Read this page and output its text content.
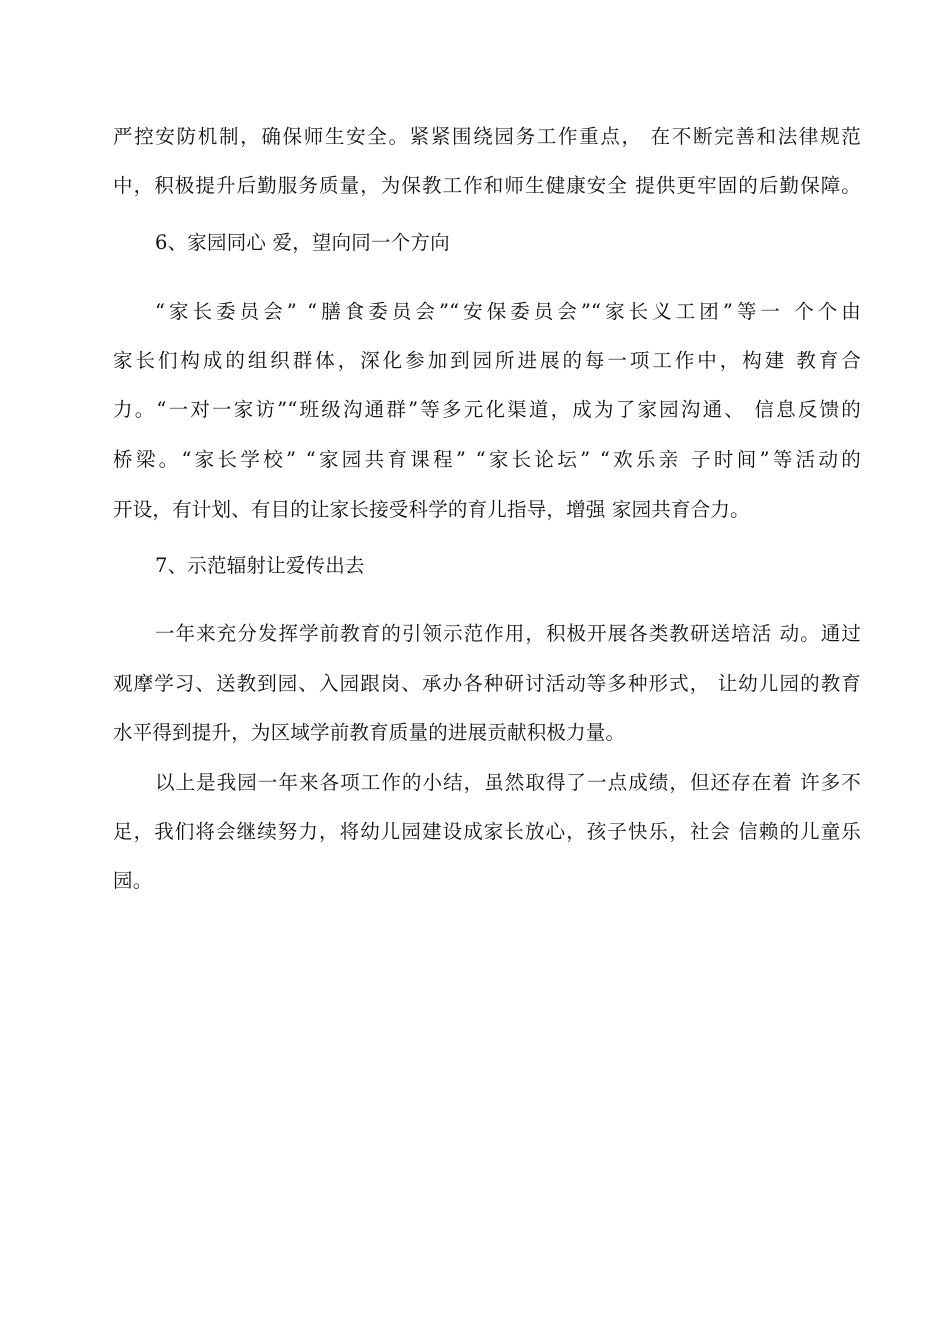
严控安防机制，确保师生安全。紧紧围绕园务工作重点， 在不断完善和法律规范
中，积极提升后勤服务质量，为保教工作和师生健康安全 提供更牢固的后勤保障。
6、家园同心 爱，望向同一个方向
“家长委员会” “膳食委员会”“安保委员会”“家长义工团”等一 个个由
家长们构成的组织群体，深化参加到园所进展的每一项工作中，构建 教育合
力。“一对一家访”“班级沟通群”等多元化渠道，成为了家园沟通、 信息反馈的
桥梁。“家长学校” “家园共育课程” “家长论坛” “欢乐亲 子时间”等活动的
开设，有计划、有目的让家长接受科学的育儿指导，增强 家园共育合力。
7、示范辐射让爱传出去
一年来充分发挥学前教育的引领示范作用，积极开展各类教研送培活 动。通过
观摩学习、送教到园、入园跟岗、承办各种研讨活动等多种形式， 让幼儿园的教育
水平得到提升，为区域学前教育质量的进展贡献积极力量。
以上是我园一年来各项工作的小结，虽然取得了一点成绩，但还存在着 许多不
足，我们将会继续努力，将幼儿园建设成家长放心，孩子快乐，社会 信赖的儿童乐
园。
